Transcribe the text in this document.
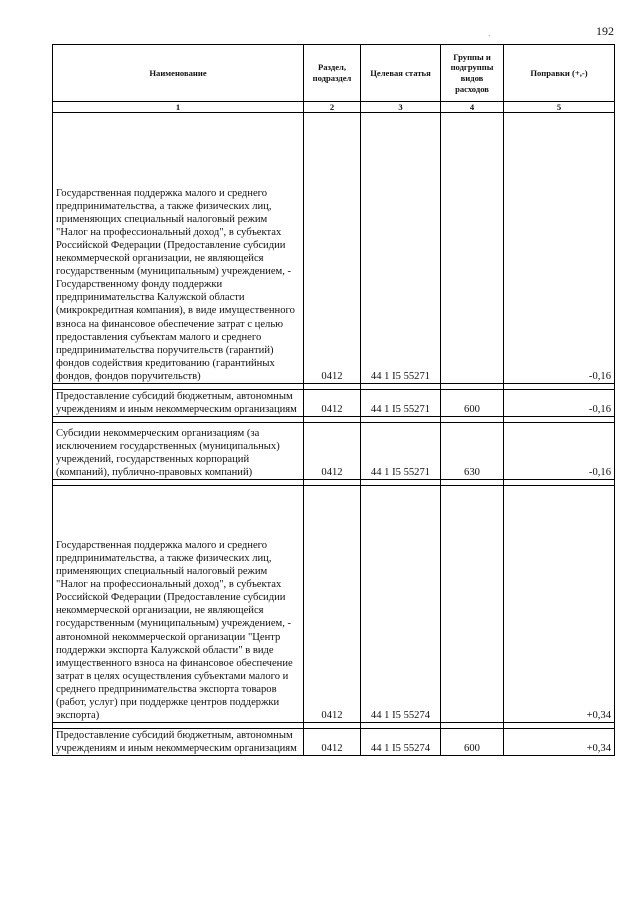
192
·
Наименование	Раздел, подраздел	Целевая статья	Группы и подгруппы видов расходов	Поправки (+,-)
1	2	3	4	5

Государственная поддержка малого и среднего предпринимательства, а также физических лиц, применяющих специальный налоговый режим "Налог на профессиональный доход", в субъектах Российской Федерации (Предоставление субсидии некоммерческой организации, не являющейся государственным (муниципальным) учреждением, - Государственному фонду поддержки предпринимательства Калужской области (микрокредитная компания), в виде имущественного взноса на финансовое обеспечение затрат с целью предоставления субъектам малого и среднего предпринимательства поручительств (гарантий) фондов содействия кредитованию (гарантийных фондов, фондов поручительств)	0412	44 1 I5 55271		-0,16

Предоставление субсидий бюджетным, автономным учреждениям и иным некоммерческим организациям	0412	44 1 I5 55271	600	-0,16

Субсидии некоммерческим организациям (за исключением государственных (муниципальных) учреждений, государственных корпораций (компаний), публично-правовых компаний)	0412	44 1 I5 55271	630	-0,16

Государственная поддержка малого и среднего предпринимательства, а также физических лиц, применяющих специальный налоговый режим "Налог на профессиональный доход", в субъектах Российской Федерации (Предоставление субсидии некоммерческой организации, не являющейся государственным (муниципальным) учреждением, - автономной некоммерческой организации "Центр поддержки экспорта Калужской области" в виде имущественного взноса на финансовое обеспечение затрат в целях осуществления субъектами малого и среднего предпринимательства экспорта товаров (работ, услуг) при поддержке центров поддержки экспорта)	0412	44 1 I5 55274		+0,34

Предоставление субсидий бюджетным, автономным учреждениям и иным некоммерческим организациям	0412	44 1 I5 55274	600	+0,34
